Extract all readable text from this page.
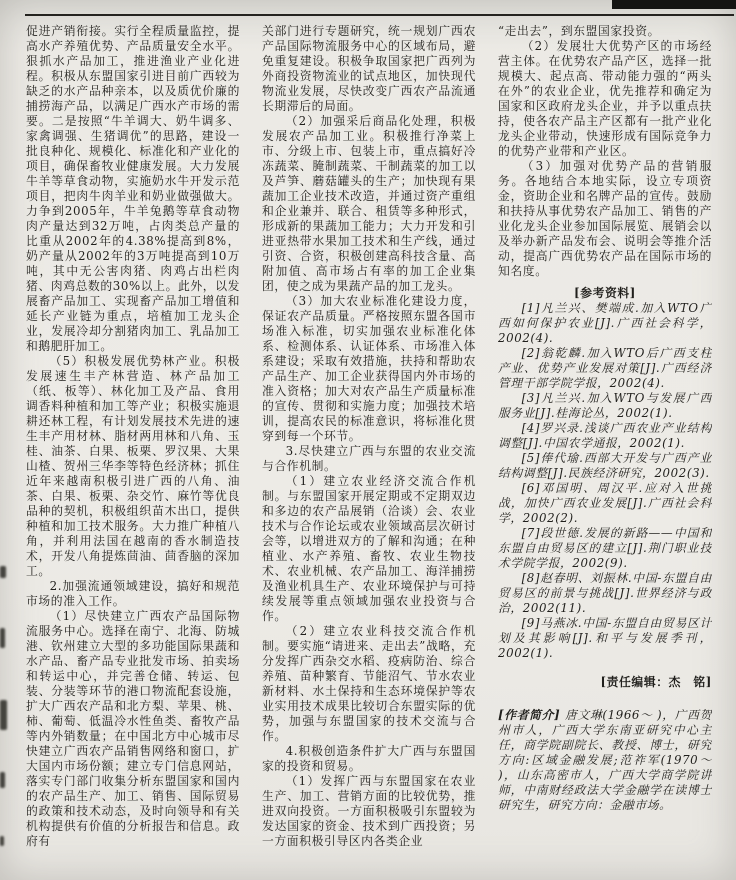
促进产销衔接。实行全程质量监控，提高水产养殖优势、产品质量安全水平。狠抓水产品加工，推进渔业产业化进程。积极从东盟国家引进目前广西较为缺乏的水产品种亲本，以及质优价廉的捕捞海产品，以满足广西水产市场的需要。二是按照“牛羊调大、奶牛调多、家禽调强、生猪调优”的思路，建设一批良种化、规模化、标准化和产业化的项目，确保畜牧业健康发展。大力发展牛羊等草食动物，实施奶水牛开发示范项目，把肉牛肉羊业和奶业做强做大。力争到2005年，牛羊兔鹅等草食动物肉产量达到32万吨，占肉类总产量的比重从2002年的4.38%提高到8%，奶产量从2002年的3万吨提高到10万吨，其中无公害肉猪、肉鸡占出栏肉猪、肉鸡总数的30%以上。此外，以发展畜产品加工、实现畜产品加工增值和延长产业链为重点，培植加工龙头企业，发展冷却分割猪肉加工、乳品加工和鹅肥肝加工。

（5）积极发展优势林产业。积极发展速生丰产林营造、林产品加工（纸、板等）、林化加工及产品、食用调香料种植和加工等产业；积极实施退耕还林工程，有计划发展技术先进的速生丰产用材林、脂材两用林和八角、玉桂、油茶、白果、板栗、罗汉果、大果山楂、贺州三华李等特色经济林；抓住近年来越南积极引进广西的八角、油茶、白果、板栗、杂交竹、麻竹等优良品种的契机，积极组织苗木出口，提供种植和加工技术服务。大力推广种植八角，并利用法国在越南的香水制造技术，开发八角提炼茴油、茴香脑的深加工。

2.加强流通领域建设，搞好和规范市场的准入工作。

（1）尽快建立广西农产品国际物流服务中心。选择在南宁、北海、防城港、钦州建立大型的多功能国际果蔬和水产品、畜产品专业批发市场、拍卖场和转运中心，并完善仓储、转运、包装、分装等环节的港口物流配套设施，扩大广西农产品和北方梨、苹果、桃、柿、葡萄、低温冷水性鱼类、畜牧产品等内外销数量；在中国北方中心城市尽快建立广西农产品销售网络和窗口，扩大国内市场份额；建立专门信息网站，落实专门部门收集分析东盟国家和国内的农产品生产、加工、销售、国际贸易的政策和技术动态，及时向领导和有关机构提供有价值的分析报告和信息。政府有

关部门进行专题研究，统一规划广西农产品国际物流服务中心的区域布局，避免重复建设。积极争取国家把广西列为外商投资物流业的试点地区，加快现代物流业发展，尽快改变广西农产品流通长期滞后的局面。

（2）加强采后商品化处理，积极发展农产品加工业。积极推行净菜上市、分级上市、包装上市，重点搞好冷冻蔬菜、腌制蔬菜、干制蔬菜的加工以及芦笋、蘑菇罐头的生产；加快现有果蔬加工企业技术改造，并通过资产重组和企业兼并、联合、租赁等多种形式，形成新的果蔬加工能力；大力开发和引进亚热带水果加工技术和生产线，通过引资、合资，积极创建高科技含量、高附加值、高市场占有率的加工企业集团，使之成为果蔬产品的加工龙头。

（3）加大农业标准化建设力度，保证农产品质量。严格按照东盟各国市场准入标准，切实加强农业标准化体系、检测体系、认证体系、市场准入体系建设；采取有效措施，扶持和帮助农产品生产、加工企业获得国内外市场的准入资格；加大对农产品生产质量标准的宣传、贯彻和实施力度；加强技术培训，提高农民的标准意识，将标准化贯穿到每一个环节。

3.尽快建立广西与东盟的农业交流与合作机制。

（1）建立农业经济交流合作机制。与东盟国家开展定期或不定期双边和多边的农产品展销（洽谈）会、农业技术与合作论坛或农业领域高层次研讨会等，以增进双方的了解和沟通；在种植业、水产养殖、畜牧、农业生物技术、农业机械、农产品加工、海洋捕捞及渔业机具生产、农业环境保护与可持续发展等重点领域加强农业投资与合作。

（2）建立农业科技交流合作机制。要实施“请进来、走出去”战略，充分发挥广西杂交水稻、疫病防治、综合养殖、苗种繁育、节能沼气、节水农业新材料、水土保持和生态环境保护等农业实用技术成果比较切合东盟实际的优势，加强与东盟国家的技术交流与合作。

4.积极创造条件扩大广西与东盟国家的投资和贸易。

（1）发挥广西与东盟国家在农业生产、加工、营销方面的比较优势，推进双向投资。一方面积极吸引东盟较为发达国家的资金、技术到广西投资；另一方面积极引导区内各类企业

“走出去”，到东盟国家投资。

（2）发展壮大优势产区的市场经营主体。在优势农产品产区，选择一批规模大、起点高、带动能力强的“两头在外”的农业企业，优先推荐和确定为国家和区政府龙头企业，并予以重点扶持，使各农产品主产区都有一批产业化龙头企业带动，快速形成有国际竞争力的优势产业带和产业区。

（3）加强对优势产品的营销服务。各地结合本地实际，设立专项资金，资助企业和名牌产品的宣传。鼓励和扶持从事优势农产品加工、销售的产业化龙头企业参加国际展览、展销会以及举办新产品发布会、说明会等推介活动，提高广西优势农产品在国际市场的知名度。

[参考资料]

[1]凡兰兴、樊端成.加入WTO广西如何保护农业[J].广西社会科学，2002(4).

[2]翁乾麟.加入WTO后广西支柱产业、优势产业发展对策[J].广西经济管理干部学院学报，2002(4).

[3]凡兰兴.加入WTO与发展广西服务业[J].桂海论丛，2002(1).

[4]罗兴录.浅谈广西农业产业结构调整[J].中国农学通报，2002(1).

[5]俸代瑜.西部大开发与广西产业结构调整[J].民族经济研究，2002(3).

[6]邓国明、周汉平.应对入世挑战，加快广西农业发展[J].广西社会科学，2002(2).

[7]段世德.发展的新路——中国和东盟自由贸易区的建立[J].荆门职业技术学院学报，2002(9).

[8]赵春明、刘振林.中国-东盟自由贸易区的前景与挑战[J].世界经济与政治，2002(11).

[9]马燕冰.中国-东盟自由贸易区计划及其影响[J].和平与发展季刊，2002(1).

[责任编辑：杰　铭]

[作者简介] 唐文琳(1966～ )，广西贺州市人，广西大学东南亚研究中心主任，商学院副院长、教授、博士，研究方向:区域金融发展;范祚军(1970～ )，山东高密市人，广西大学商学院讲师，中南财经政法大学金融学在读博士研究生，研究方向：金融市场。
